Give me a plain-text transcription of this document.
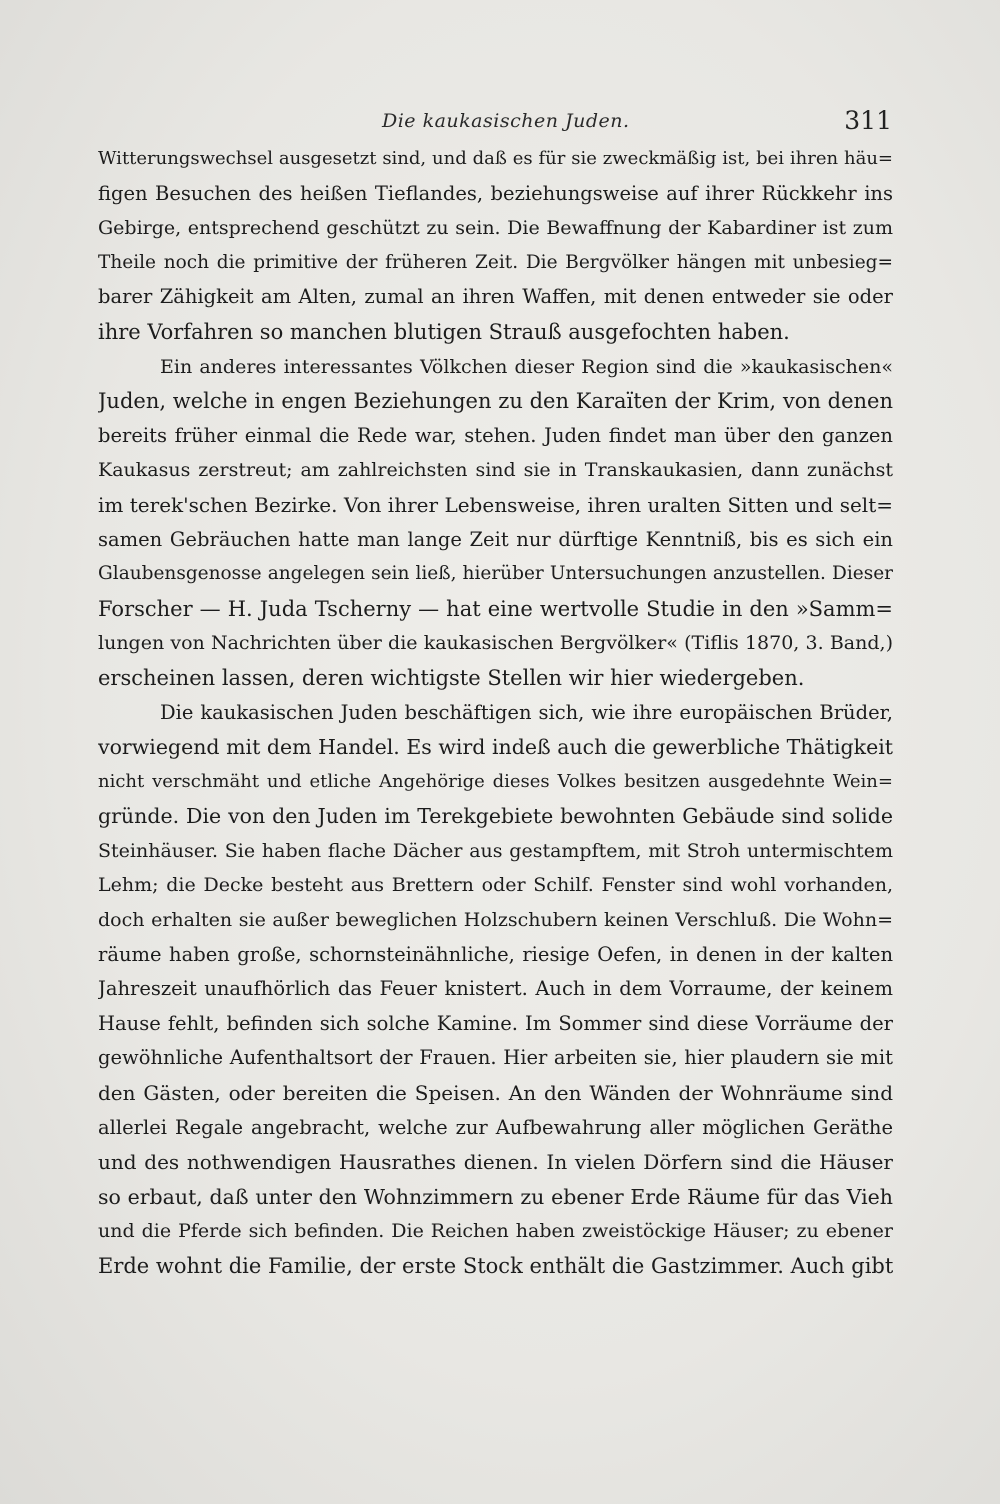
Die kaukasischen Juden.	311
Witterungswechsel ausgesetzt sind, und daß es für sie zweckmäßig ist, bei ihren häu=
figen Besuchen des heißen Tieflandes, beziehungsweise auf ihrer Rückkehr ins
Gebirge, entsprechend geschützt zu sein. Die Bewaffnung der Kabardiner ist zum
Theile noch die primitive der früheren Zeit. Die Bergvölker hängen mit unbesieg=
barer Zähigkeit am Alten, zumal an ihren Waffen, mit denen entweder sie oder
ihre Vorfahren so manchen blutigen Strauß ausgefochten haben.
Ein anderes interessantes Völkchen dieser Region sind die »kaukasischen«
Juden, welche in engen Beziehungen zu den Karaïten der Krim, von denen
bereits früher einmal die Rede war, stehen. Juden findet man über den ganzen
Kaukasus zerstreut; am zahlreichsten sind sie in Transkaukasien, dann zunächst
im terek'schen Bezirke. Von ihrer Lebensweise, ihren uralten Sitten und selt=
samen Gebräuchen hatte man lange Zeit nur dürftige Kenntniß, bis es sich ein
Glaubensgenosse angelegen sein ließ, hierüber Untersuchungen anzustellen. Dieser
Forscher — H. Juda Tscherny — hat eine wertvolle Studie in den »Samm=
lungen von Nachrichten über die kaukasischen Bergvölker« (Tiflis 1870, 3. Band,)
erscheinen lassen, deren wichtigste Stellen wir hier wiedergeben.
Die kaukasischen Juden beschäftigen sich, wie ihre europäischen Brüder,
vorwiegend mit dem Handel. Es wird indeß auch die gewerbliche Thätigkeit
nicht verschmäht und etliche Angehörige dieses Volkes besitzen ausgedehnte Wein=
gründe. Die von den Juden im Terekgebiete bewohnten Gebäude sind solide
Steinhäuser. Sie haben flache Dächer aus gestampftem, mit Stroh untermischtem
Lehm; die Decke besteht aus Brettern oder Schilf. Fenster sind wohl vorhanden,
doch erhalten sie außer beweglichen Holzschubern keinen Verschluß. Die Wohn=
räume haben große, schornsteinähnliche, riesige Oefen, in denen in der kalten
Jahreszeit unaufhörlich das Feuer knistert. Auch in dem Vorraume, der keinem
Hause fehlt, befinden sich solche Kamine. Im Sommer sind diese Vorräume der
gewöhnliche Aufenthaltsort der Frauen. Hier arbeiten sie, hier plaudern sie mit
den Gästen, oder bereiten die Speisen. An den Wänden der Wohnräume sind
allerlei Regale angebracht, welche zur Aufbewahrung aller möglichen Geräthe
und des nothwendigen Hausrathes dienen. In vielen Dörfern sind die Häuser
so erbaut, daß unter den Wohnzimmern zu ebener Erde Räume für das Vieh
und die Pferde sich befinden. Die Reichen haben zweistöckige Häuser; zu ebener
Erde wohnt die Familie, der erste Stock enthält die Gastzimmer. Auch gibt
